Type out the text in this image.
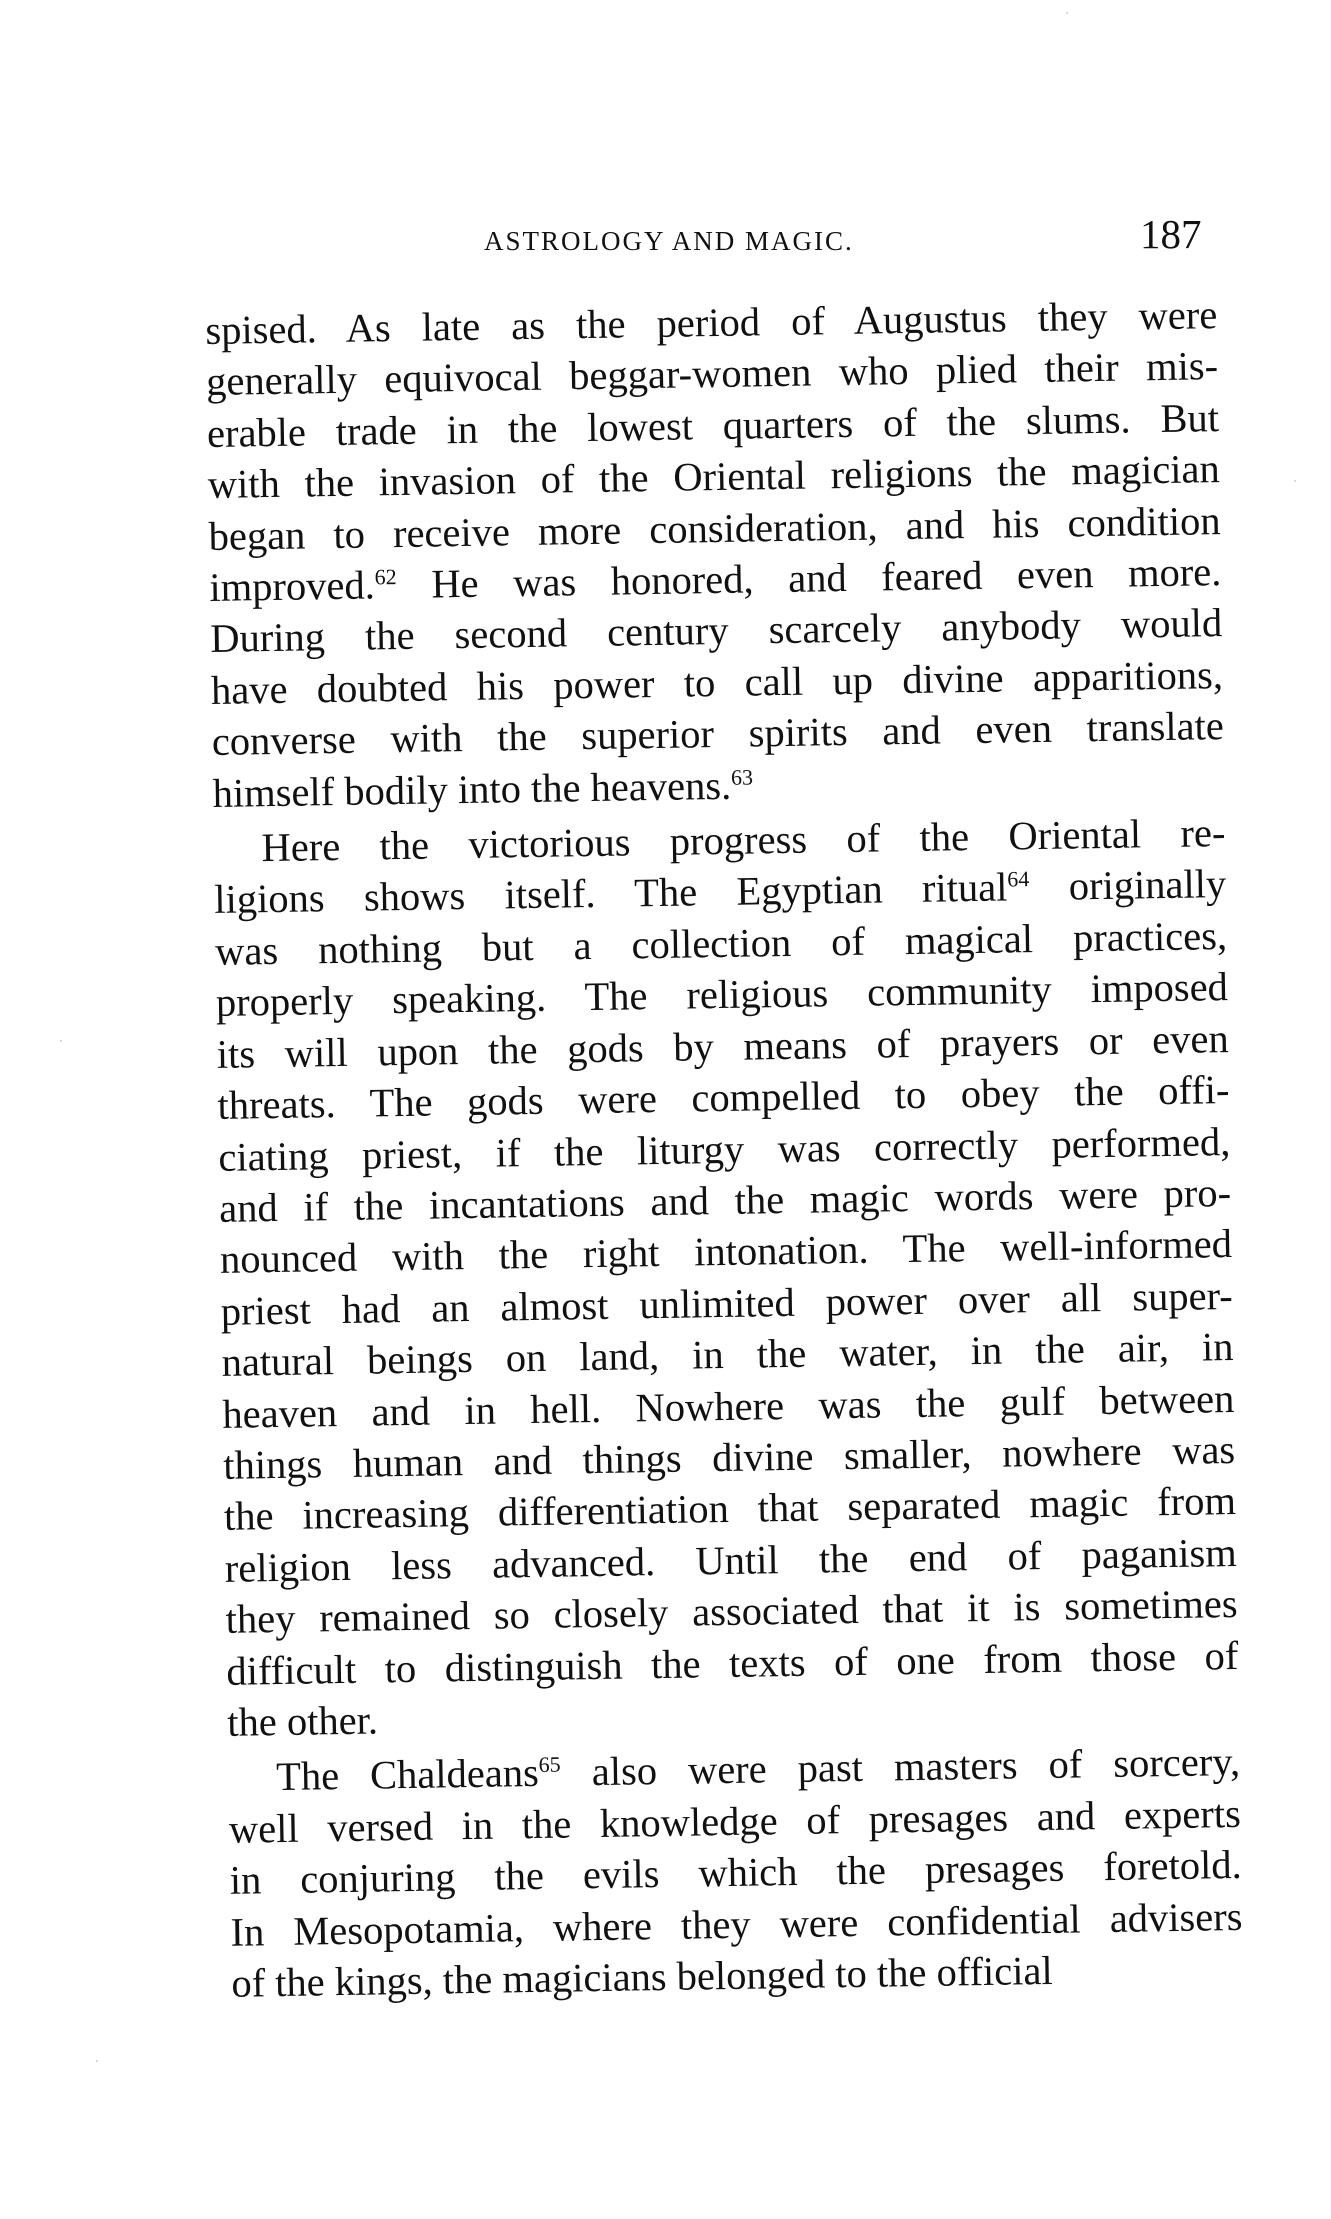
ASTROLOGY AND MAGIC.	187

spised. As late as the period of Augustus they were
generally equivocal beggar-women who plied their mis-
erable trade in the lowest quarters of the slums. But
with the invasion of the Oriental religions the magician
began to receive more consideration, and his condition
improved.$^{62}$ He was honored, and feared even more.
During the second century scarcely anybody would
have doubted his power to call up divine apparitions,
converse with the superior spirits and even translate
himself bodily into the heavens.$^{63}$

Here the victorious progress of the Oriental re-
ligions shows itself. The Egyptian ritual$^{64}$ originally
was nothing but a collection of magical practices,
properly speaking. The religious community imposed
its will upon the gods by means of prayers or even
threats. The gods were compelled to obey the offi-
ciating priest, if the liturgy was correctly performed,
and if the incantations and the magic words were pro-
nounced with the right intonation. The well-informed
priest had an almost unlimited power over all super-
natural beings on land, in the water, in the air, in
heaven and in hell. Nowhere was the gulf between
things human and things divine smaller, nowhere was
the increasing differentiation that separated magic from
religion less advanced. Until the end of paganism
they remained so closely associated that it is sometimes
difficult to distinguish the texts of one from those of
the other.

The Chaldeans$^{65}$ also were past masters of sorcery,
well versed in the knowledge of presages and experts
in conjuring the evils which the presages foretold.
In Mesopotamia, where they were confidential advisers
of the kings, the magicians belonged to the official
